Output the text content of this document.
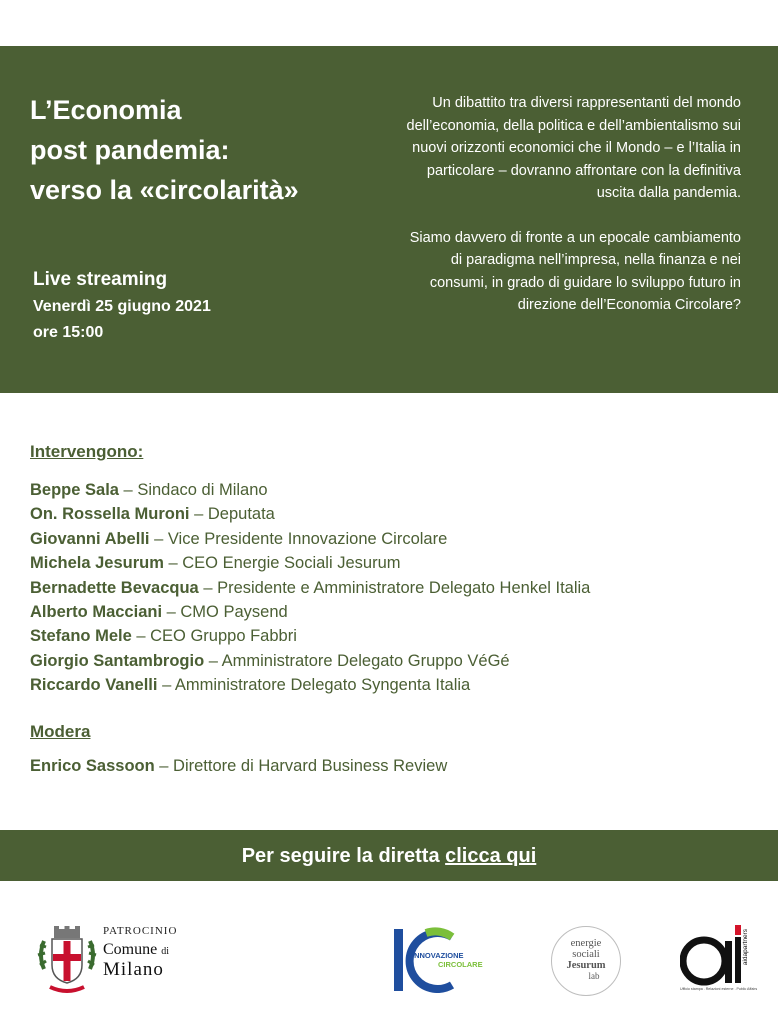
L’Economia
post pandemia:
verso la «circolarità»
Live streaming
Venerdì 25 giugno 2021
ore 15:00

Un dibattito tra diversi rappresentanti del mondo dell’economia, della politica e dell’ambientalismo sui nuovi orizzonti economici che il Mondo – e l’Italia in particolare – dovranno affrontare con la definitiva uscita dalla pandemia.

Siamo davvero di fronte a un epocale cambiamento di paradigma nell’impresa, nella finanza e nei consumi, in grado di guidare lo sviluppo futuro in direzione dell’Economia Circolare?

Intervengono:
Beppe Sala – Sindaco di Milano
On. Rossella Muroni – Deputata
Giovanni Abelli – Vice Presidente Innovazione Circolare
Michela Jesurum – CEO Energie Sociali Jesurum
Bernadette Bevacqua – Presidente e Amministratore Delegato Henkel Italia
Alberto Macciani – CMO Paysend
Stefano Mele – CEO Gruppo Fabbri
Giorgio Santambrogio – Amministratore Delegato Gruppo VéGé
Riccardo Vanelli – Amministratore Delegato Syngenta Italia
Modera
Enrico Sassoon – Direttore di Harvard Business Review
Per seguire la diretta clicca qui
PATROCINIO
Comune di
Milano
INNOVAZIONE
CIRCOLARE
energie
sociali
Jesurum
lab
aidapartners
Ufficio stampa ∙ Relazioni esterne ∙ Public Affairs
